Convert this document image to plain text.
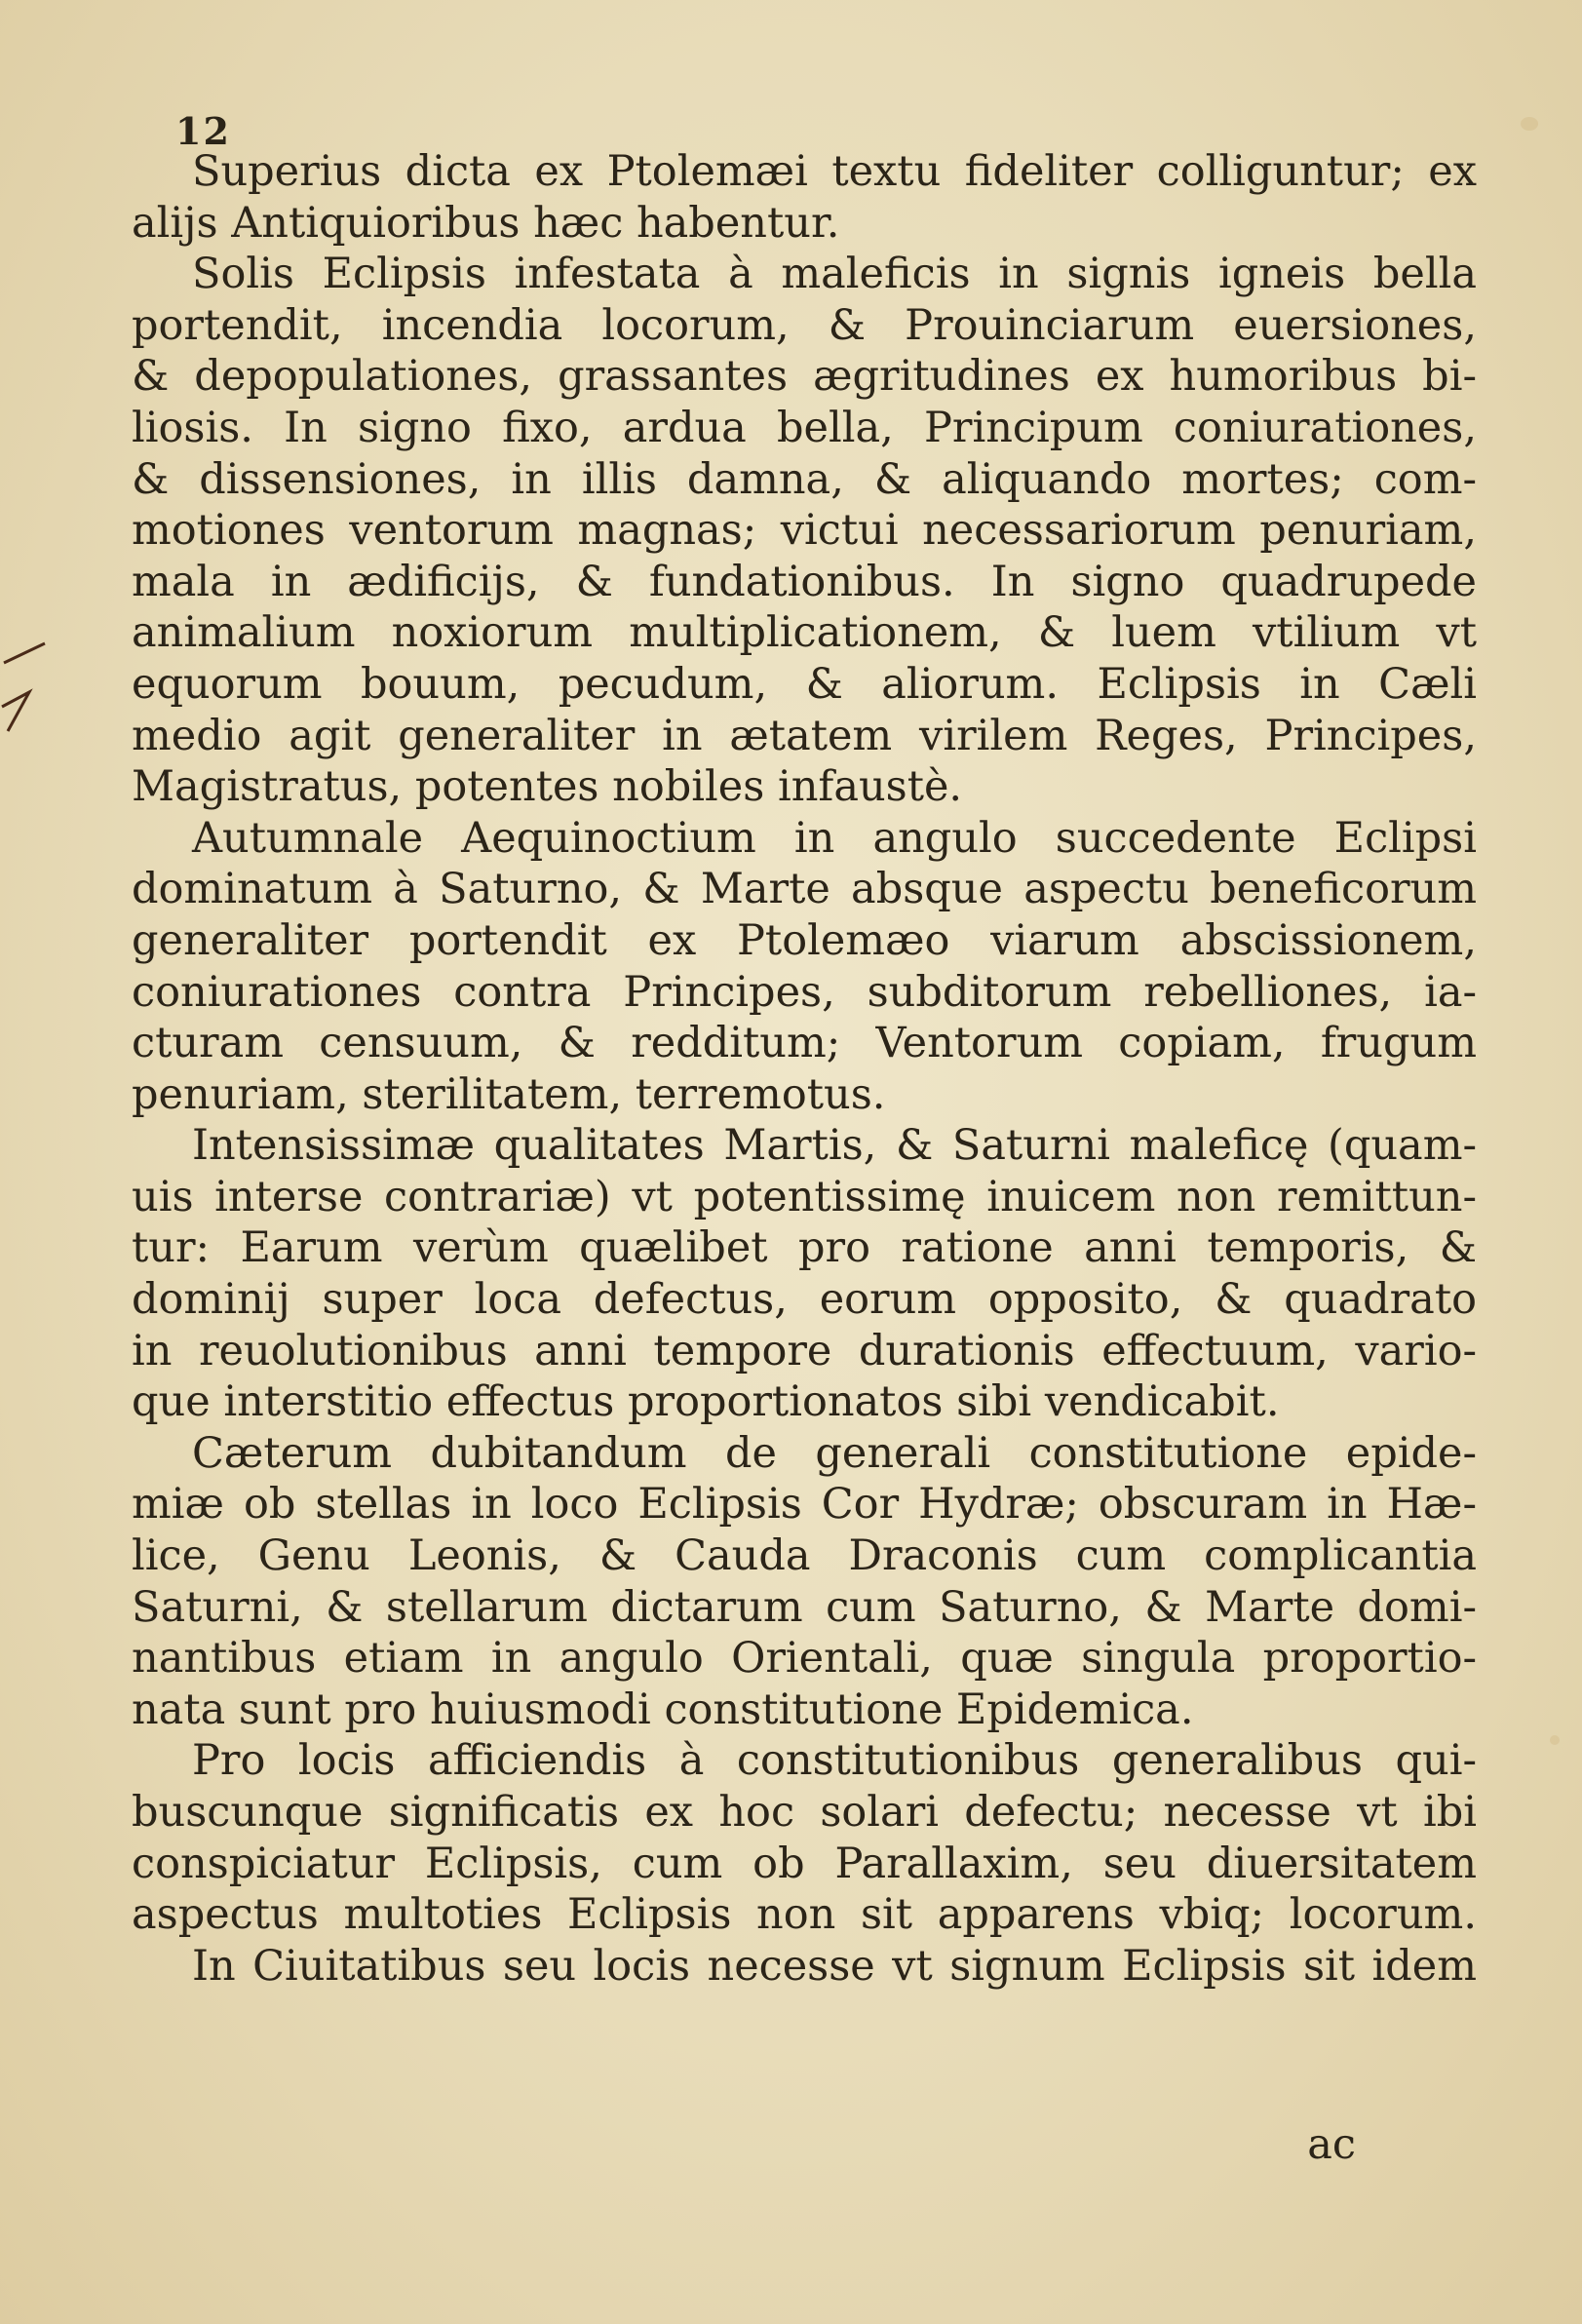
12
Superius dicta ex Ptolemæi textu fideliter colliguntur; ex
alijs Antiquioribus hæc habentur.
Solis Eclipsis infestata à maleficis in signis igneis bella
portendit, incendia locorum, & Prouinciarum euersiones,
& depopulationes, grassantes ægritudines ex humoribus bi-
liosis. In signo fixo, ardua bella, Principum coniurationes,
& dissensiones, in illis damna, & aliquando mortes; com-
motiones ventorum magnas; victui necessariorum penuriam,
mala in ædificijs, & fundationibus. In signo quadrupede
animalium noxiorum multiplicationem, & luem vtilium vt
equorum bouum, pecudum, & aliorum. Eclipsis in Cæli
medio agit generaliter in ætatem virilem Reges, Principes,
Magistratus, potentes nobiles infaustè.
Autumnale Aequinoctium in angulo succedente Eclipsi
dominatum à Saturno, & Marte absque aspectu beneficorum
generaliter portendit ex Ptolemæo viarum abscissionem,
coniurationes contra Principes, subditorum rebelliones, ia-
cturam censuum, & redditum; Ventorum copiam, frugum
penuriam, sterilitatem, terremotus.
Intensissimæ qualitates Martis, & Saturni maleficę (quam-
uis interse contrariæ) vt potentissimę inuicem non remittun-
tur: Earum verùm quælibet pro ratione anni temporis, &
dominij super loca defectus, eorum opposito, & quadrato
in reuolutionibus anni tempore durationis effectuum, vario-
que interstitio effectus proportionatos sibi vendicabit.
Cæterum dubitandum de generali constitutione epide-
miæ ob stellas in loco Eclipsis Cor Hydræ; obscuram in Hæ-
lice, Genu Leonis, & Cauda Draconis cum complicantia
Saturni, & stellarum dictarum cum Saturno, & Marte domi-
nantibus etiam in angulo Orientali, quæ singula proportio-
nata sunt pro huiusmodi constitutione Epidemica.
Pro locis afficiendis à constitutionibus generalibus qui-
buscunque significatis ex hoc solari defectu; necesse vt ibi
conspiciatur Eclipsis, cum ob Parallaxim, seu diuersitatem
aspectus multoties Eclipsis non sit apparens vbiq; locorum.
In Ciuitatibus seu locis necesse vt signum Eclipsis sit idem
ac
